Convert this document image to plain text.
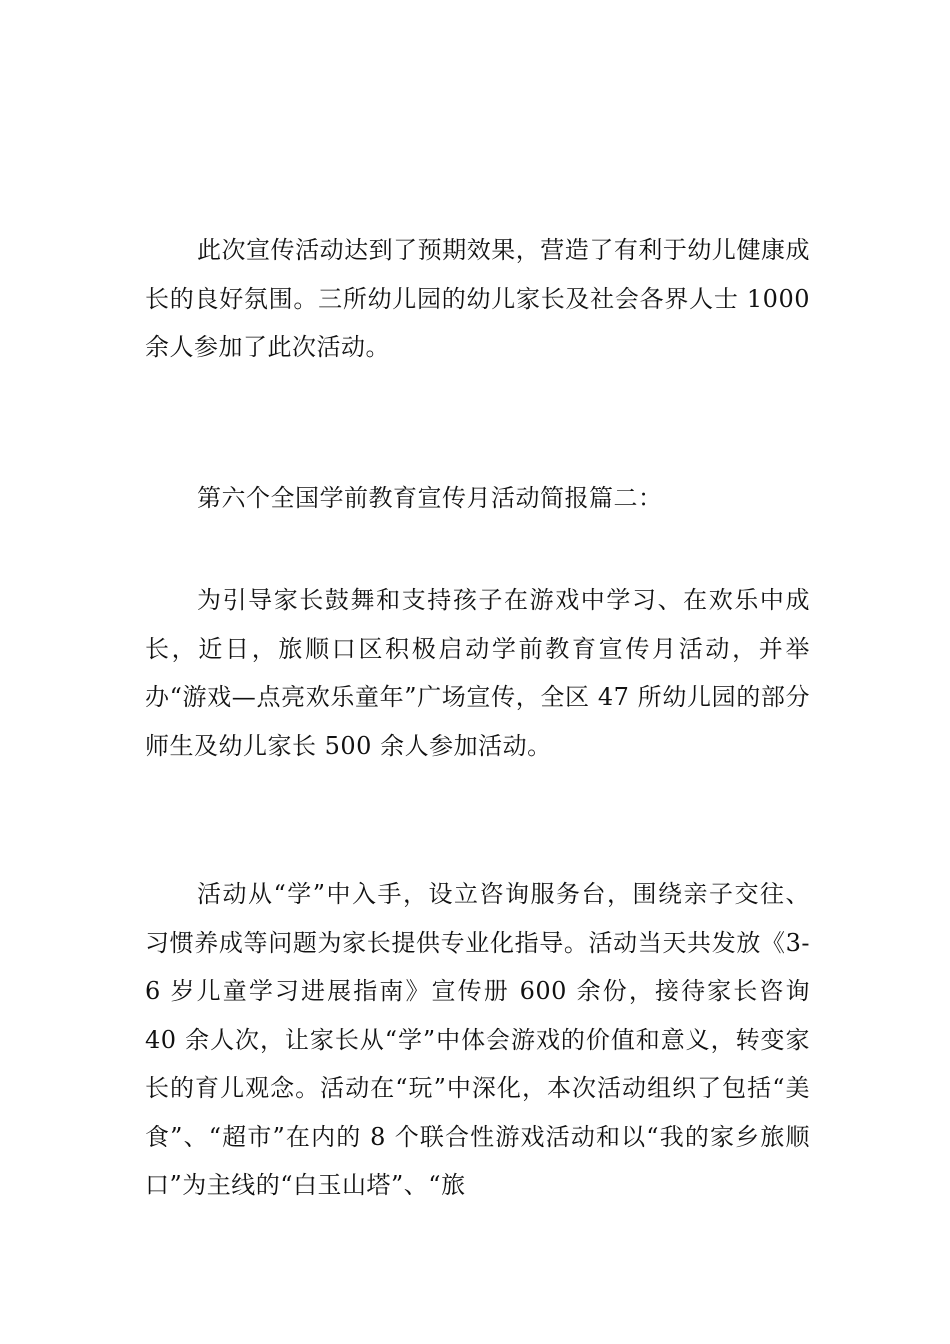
此次宣传活动达到了预期效果，营造了有利于幼儿健康成长的良好氛围。三所幼儿园的幼儿家长及社会各界人士 1000 余人参加了此次活动。

第六个全国学前教育宣传月活动简报篇二：

为引导家长鼓舞和支持孩子在游戏中学习、在欢乐中成长，近日，旅顺口区积极启动学前教育宣传月活动，并举办“游戏—点亮欢乐童年”广场宣传，全区 47 所幼儿园的部分师生及幼儿家长 500 余人参加活动。

活动从“学”中入手，设立咨询服务台，围绕亲子交往、习惯养成等问题为家长提供专业化指导。活动当天共发放《3-6 岁儿童学习进展指南》宣传册 600 余份，接待家长咨询 40 余人次，让家长从“学”中体会游戏的价值和意义，转变家长的育儿观念。活动在“玩”中深化，本次活动组织了包括“美食”、“超市”在内的 8 个联合性游戏活动和以“我的家乡旅顺口”为主线的“白玉山塔”、“旅
